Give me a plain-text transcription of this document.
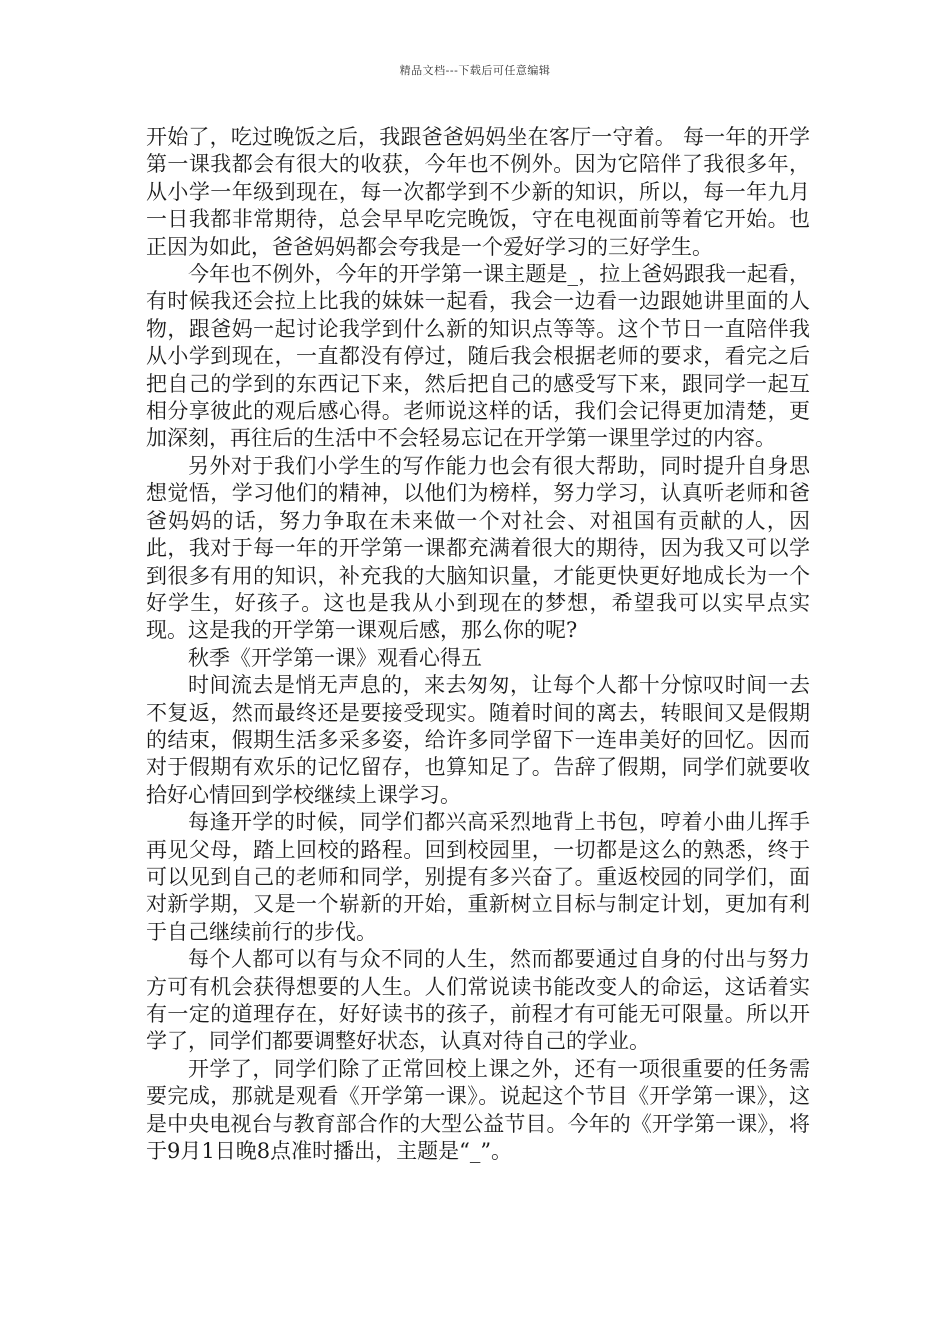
精品文档---下载后可任意编辑

开始了，吃过晚饭之后，我跟爸爸妈妈坐在客厅一守着。 每一年的开学第一课我都会有很大的收获，今年也不例外。因为它陪伴了我很多年，从小学一年级到现在，每一次都学到不少新的知识，所以，每一年九月一日我都非常期待，总会早早吃完晚饭，守在电视面前等着它开始。也正因为如此，爸爸妈妈都会夸我是一个爱好学习的三好学生。

今年也不例外，今年的开学第一课主题是_，拉上爸妈跟我一起看，有时候我还会拉上比我的妹妹一起看，我会一边看一边跟她讲里面的人物，跟爸妈一起讨论我学到什么新的知识点等等。这个节日一直陪伴我从小学到现在，一直都没有停过，随后我会根据老师的要求，看完之后把自己的学到的东西记下来，然后把自己的感受写下来，跟同学一起互相分享彼此的观后感心得。老师说这样的话，我们会记得更加清楚，更加深刻，再往后的生活中不会轻易忘记在开学第一课里学过的内容。

另外对于我们小学生的写作能力也会有很大帮助，同时提升自身思想觉悟，学习他们的精神，以他们为榜样，努力学习，认真听老师和爸爸妈妈的话，努力争取在未来做一个对社会、对祖国有贡献的人，因此，我对于每一年的开学第一课都充满着很大的期待，因为我又可以学到很多有用的知识，补充我的大脑知识量，才能更快更好地成长为一个好学生，好孩子。这也是我从小到现在的梦想，希望我可以实早点实现。这是我的开学第一课观后感，那么你的呢?

秋季《开学第一课》观看心得五

时间流去是悄无声息的，来去匆匆，让每个人都十分惊叹时间一去不复返，然而最终还是要接受现实。随着时间的离去，转眼间又是假期的结束，假期生活多采多姿，给许多同学留下一连串美好的回忆。因而对于假期有欢乐的记忆留存，也算知足了。告辞了假期，同学们就要收拾好心情回到学校继续上课学习。

每逢开学的时候，同学们都兴高采烈地背上书包，哼着小曲儿挥手再见父母，踏上回校的路程。回到校园里，一切都是这么的熟悉，终于可以见到自己的老师和同学，别提有多兴奋了。重返校园的同学们，面对新学期，又是一个崭新的开始，重新树立目标与制定计划，更加有利于自己继续前行的步伐。

每个人都可以有与众不同的人生，然而都要通过自身的付出与努力方可有机会获得想要的人生。人们常说读书能改变人的命运，这话着实有一定的道理存在，好好读书的孩子，前程才有可能无可限量。所以开学了，同学们都要调整好状态，认真对待自己的学业。

开学了，同学们除了正常回校上课之外，还有一项很重要的任务需要完成，那就是观看《开学第一课》。说起这个节目《开学第一课》，这是中央电视台与教育部合作的大型公益节目。今年的《开学第一课》，将于9月1日晚8点准时播出，主题是“_”。
